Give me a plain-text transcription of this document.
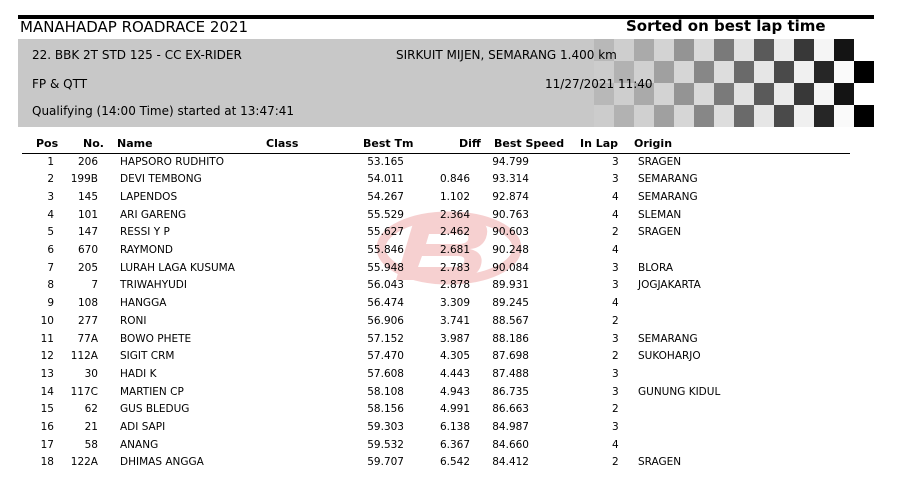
MANAHADAP ROADRACE 2021	Sorted on best lap time
22. BBK 2T STD 125 - CC EX-RIDER	SIRKUIT MIJEN, SEMARANG 1.400 km
FP & QTT	11/27/2021 11:40
Qualifying (14:00 Time) started at 13:47:41
Pos No. Name	Class	Best Tm	Diff Best Speed In Lap Origin
1 206 HAPSORO RUDHITO	53.165	94.799	3 SRAGEN
2 199B DEVI TEMBONG	54.011	0.846 93.314	3 SEMARANG
3 145 LAPENDOS	54.267	1.102 92.874	4 SEMARANG
4 101 ARI GARENG	55.529	2.364 90.763	4 SLEMAN
5 147 RESSI Y P	55.627	2.462 90.603	2 SRAGEN
6 670 RAYMOND	55.846	2.681 90.248	4
7 205 LURAH LAGA KUSUMA	55.948	2.783 90.084	3 BLORA
8	7 TRIWAHYUDI	56.043	2.878 89.931	3 JOGJAKARTA
9 108 HANGGA	56.474	3.309 89.245	4
10 277 RONI	56.906	3.741 88.567	2
11 77A BOWO PHETE	57.152	3.987 88.186	3 SEMARANG
12 112A SIGIT CRM	57.470	4.305 87.698	2 SUKOHARJO
13	30 HADI K	57.608	4.443 87.488	3
14 117C MARTIEN CP	58.108	4.943 86.735	3 GUNUNG KIDUL
15	62 GUS BLEDUG	58.156	4.991 86.663	2
16	21 ADI SAPI	59.303	6.138 84.987	3
17	58 ANANG	59.532	6.367 84.660	4
18 122A DHIMAS ANGGA	59.707	6.542 84.412	2 SRAGEN
